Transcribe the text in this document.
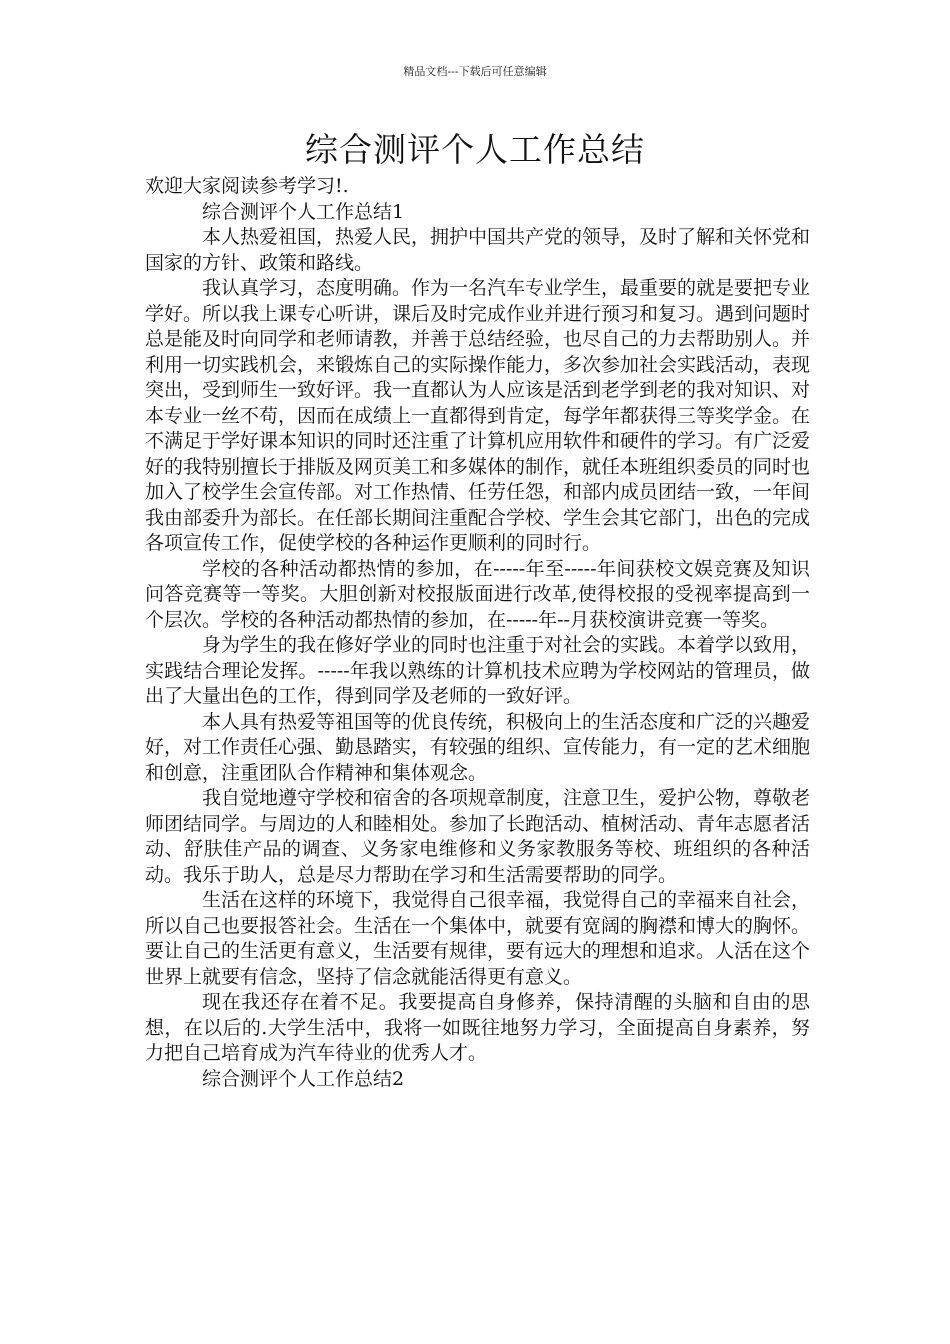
精品文档---下载后可任意编辑
综合测评个人工作总结

欢迎大家阅读参考学习!.

综合测评个人工作总结1

本人热爱祖国，热爱人民，拥护中国共产党的领导，及时了解和关怀党和国家的方针、政策和路线。

我认真学习，态度明确。作为一名汽车专业学生，最重要的就是要把专业学好。所以我上课专心听讲，课后及时完成作业并进行预习和复习。遇到问题时总是能及时向同学和老师请教，并善于总结经验，也尽自己的力去帮助别人。并利用一切实践机会，来锻炼自己的实际操作能力，多次参加社会实践活动，表现突出，受到师生一致好评。我一直都认为人应该是活到老学到老的我对知识、对本专业一丝不苟，因而在成绩上一直都得到肯定，每学年都获得三等奖学金。在不满足于学好课本知识的同时还注重了计算机应用软件和硬件的学习。有广泛爱好的我特别擅长于排版及网页美工和多媒体的制作，就任本班组织委员的同时也加入了校学生会宣传部。对工作热情、任劳任怨，和部内成员团结一致，一年间我由部委升为部长。在任部长期间注重配合学校、学生会其它部门，出色的完成各项宣传工作，促使学校的各种运作更顺利的同时行。

学校的各种活动都热情的参加，在-----年至-----年间获校文娱竞赛及知识问答竞赛等一等奖。大胆创新对校报版面进行改革,使得校报的受视率提高到一个层次。学校的各种活动都热情的参加，在-----年--月获校演讲竞赛一等奖。

身为学生的我在修好学业的同时也注重于对社会的实践。本着学以致用，实践结合理论发挥。-----年我以熟练的计算机技术应聘为学校网站的管理员，做出了大量出色的工作，得到同学及老师的一致好评。

本人具有热爱等祖国等的优良传统，积极向上的生活态度和广泛的兴趣爱好，对工作责任心强、勤恳踏实，有较强的组织、宣传能力，有一定的艺术细胞和创意，注重团队合作精神和集体观念。

我自觉地遵守学校和宿舍的各项规章制度，注意卫生，爱护公物，尊敬老师团结同学。与周边的人和睦相处。参加了长跑活动、植树活动、青年志愿者活动、舒肤佳产品的调查、义务家电维修和义务家教服务等校、班组织的各种活动。我乐于助人，总是尽力帮助在学习和生活需要帮助的同学。

生活在这样的环境下，我觉得自己很幸福，我觉得自己的幸福来自社会，所以自己也要报答社会。生活在一个集体中，就要有宽阔的胸襟和博大的胸怀。要让自己的生活更有意义，生活要有规律，要有远大的理想和追求。人活在这个世界上就要有信念，坚持了信念就能活得更有意义。

现在我还存在着不足。我要提高自身修养，保持清醒的头脑和自由的思想，在以后的.大学生活中，我将一如既往地努力学习，全面提高自身素养，努力把自己培育成为汽车待业的优秀人才。

综合测评个人工作总结2
